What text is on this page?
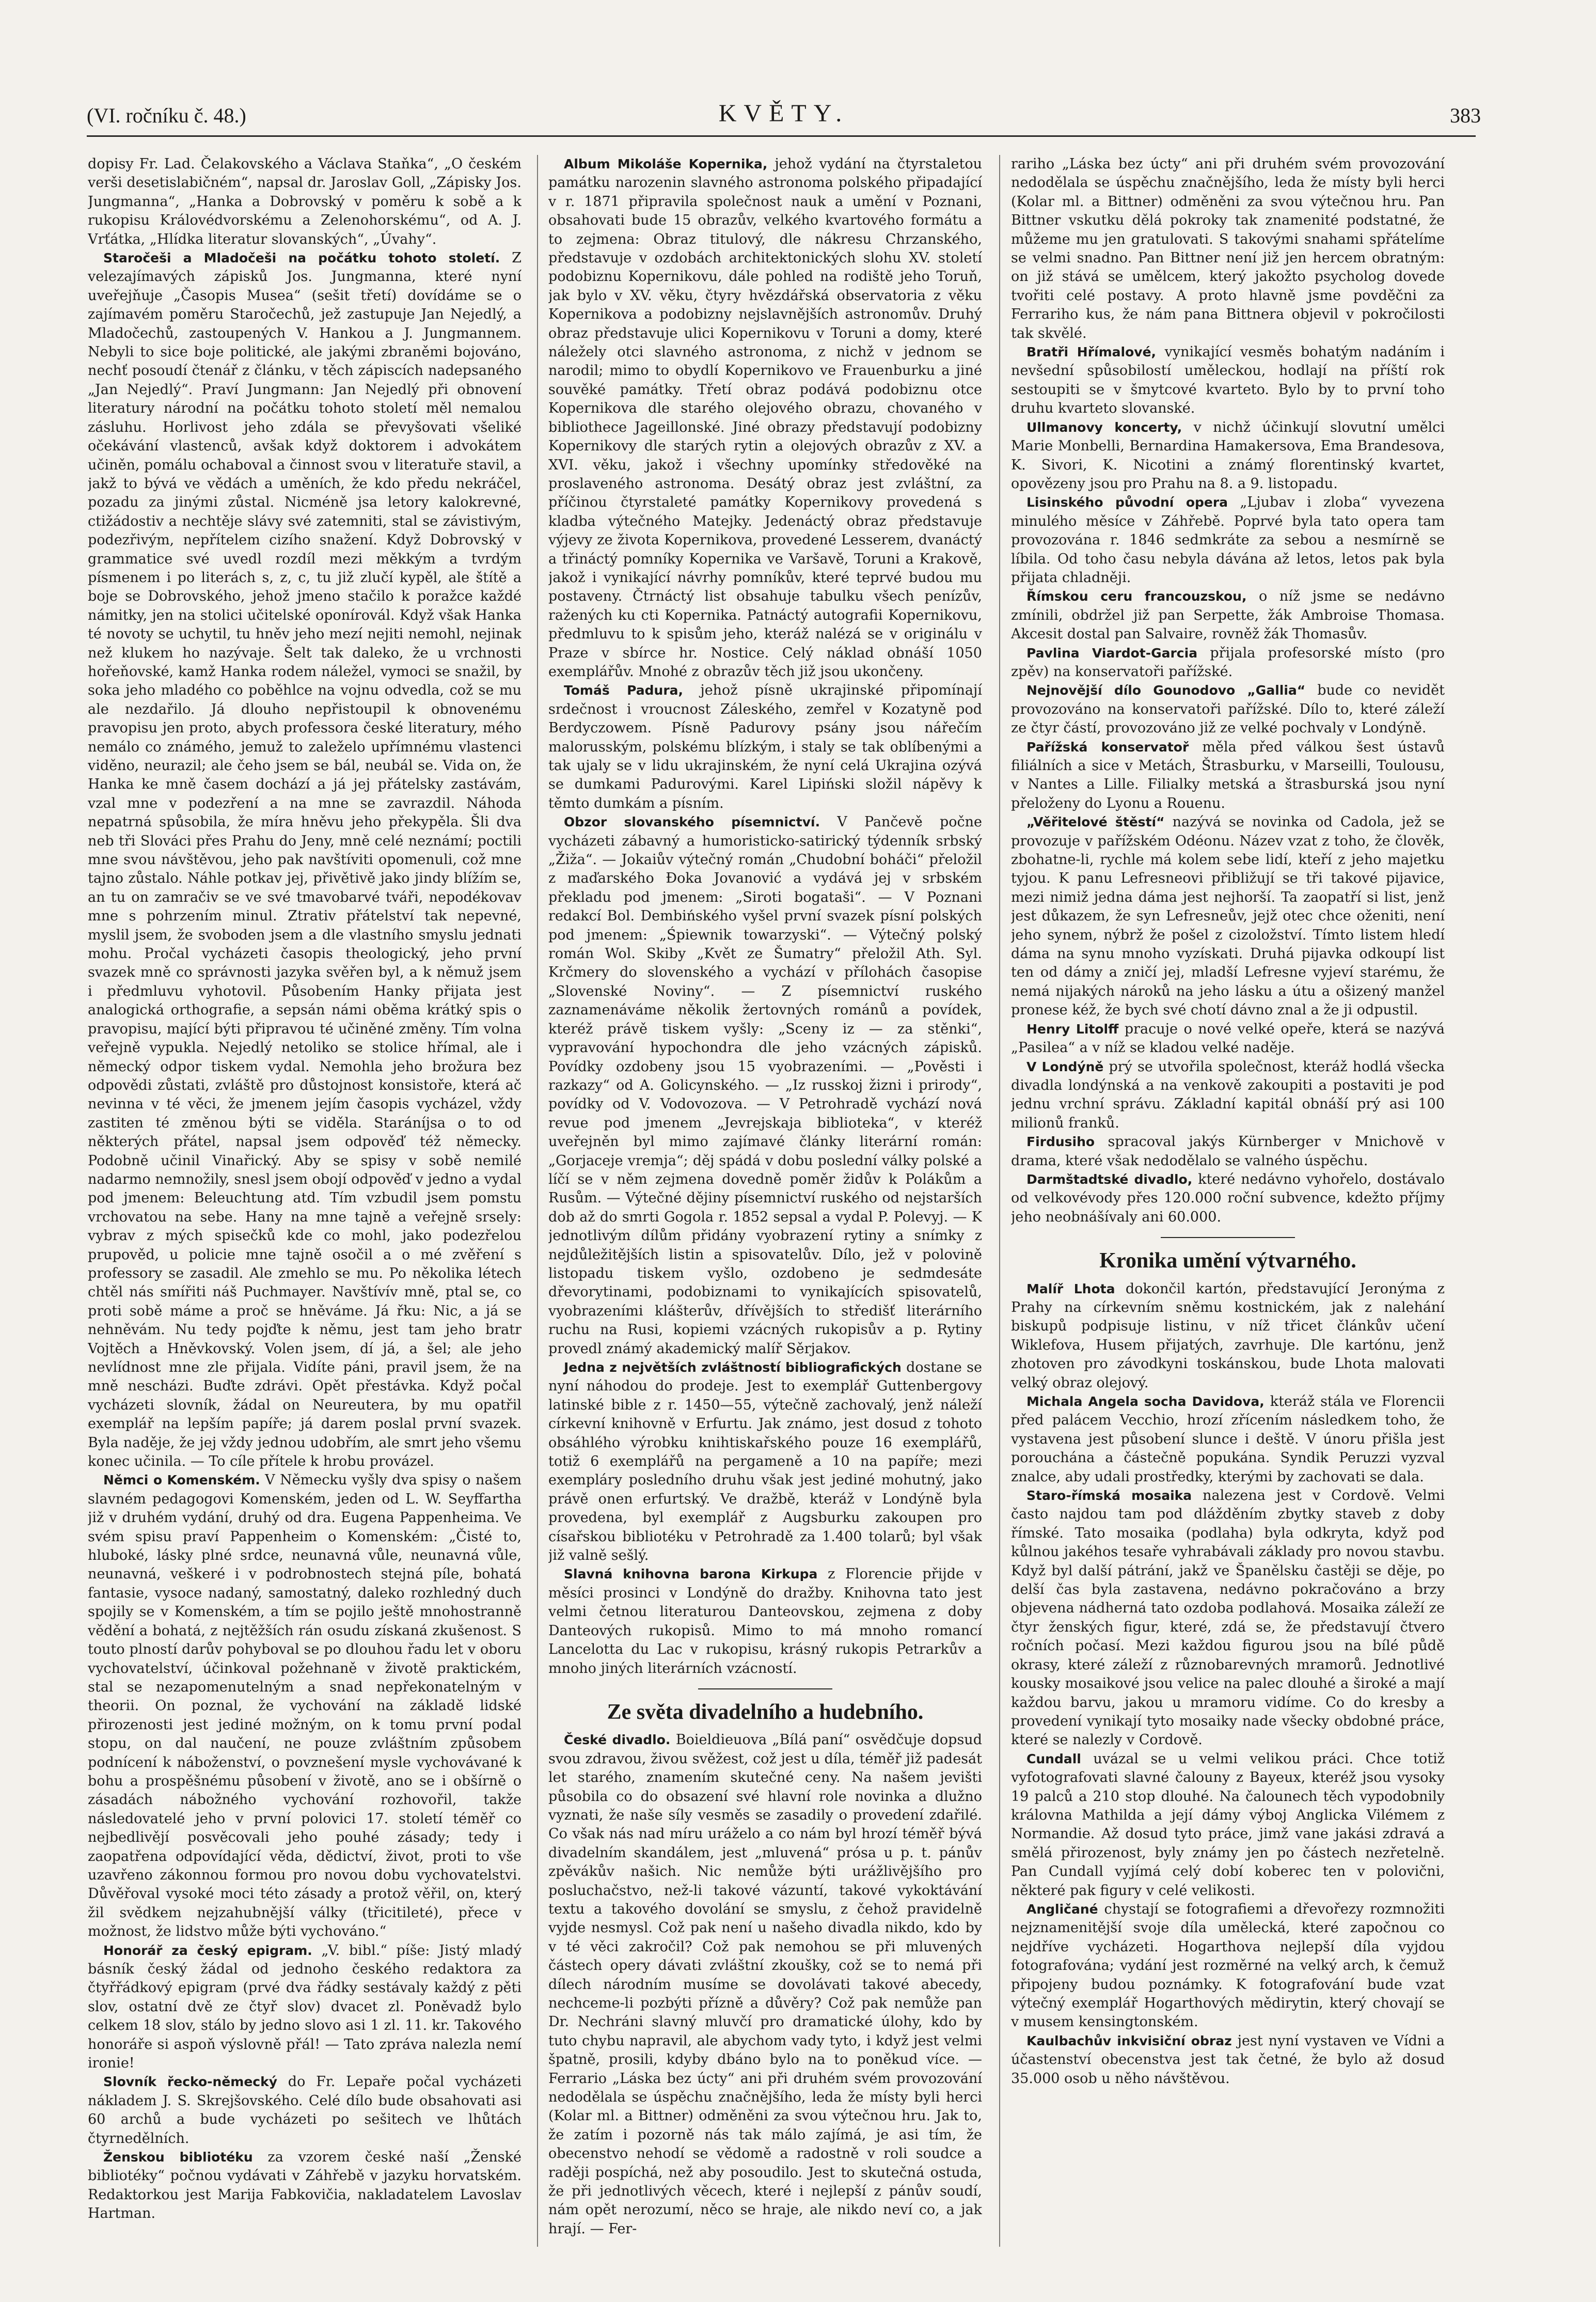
(VI. ročníku č. 48.)	KVĚTY.	383

dopisy Fr. Lad. Čelakovského a Václava Staňka“, „O českém verši desetislabičném“, napsal dr. Jaroslav Goll, „Zápisky Jos. Jungmanna“, „Hanka a Dobrovský v poměru k sobě a k rukopisu Královédvorskému a Zelenohorskému“, od A. J. Vrťátka, „Hlídka literatur slovanských“, „Úvahy“.

Staročeši a Mladočeši na počátku tohoto století. Z velezajímavých zápisků Jos. Jungmanna, které nyní uveřejňuje „Časopis Musea“ (sešit třetí) dovídáme se o zajímavém poměru Staročechů, jež zastupuje Jan Nejedlý, a Mladočechů, zastoupených V. Hankou a J. Jungmannem. Nebyli to sice boje politické, ale jakými zbraněmi bojováno, nechť posoudí čtenář z článku, v těch zápiscích nadepsaného „Jan Nejedlý“. Praví Jungmann: Jan Nejedlý při obnovení literatury národní na počátku tohoto století měl nemalou zásluhu. Horlivost jeho zdála se převyšovati všeliké očekávání vlastenců, avšak když doktorem i advokátem učiněn, pomálu ochaboval a činnost svou v literatuře stavil, a jakž to bývá ve vědách a uměních, že kdo předu nekráčel, pozadu za jinými zůstal. Nicméně jsa letory kalokrevné, ctižádostiv a nechtěje slávy své zatemniti, stal se závistivým, podezřivým, nepřítelem cizího snažení. Když Dobrovský v grammatice své uvedl rozdíl mezi měkkým a tvrdým písmenem i po literách s, z, c, tu již zlučí kypěl, ale štítě a boje se Dobrovského, jehož jmeno stačilo k poražce každé námitky, jen na stolici učitelské oponírovál. Když však Hanka té novoty se uchytil, tu hněv jeho mezí nejiti nemohl, nejinak než klukem ho nazývaje. Šelt tak daleko, že u vrchnosti hořeňovské, kamž Hanka rodem náležel, vymoci se snažil, by soka jeho mladého co poběhlce na vojnu odvedla, což se mu ale nezdařilo. Já dlouho nepřistoupil k obnovenému pravopisu jen proto, abych professora české literatury, mého nemálo co známého, jemuž to zaleželo upřímnému vlastenci viděno, neurazil; ale čeho jsem se bál, neubál se. Vida on, že Hanka ke mně časem dochází a já jej přátelsky zastávám, vzal mne v podezření a na mne se zavrazdil. Náhoda nepatrná spůsobila, že míra hněvu jeho překypěla. Šli dva neb tři Slováci přes Prahu do Jeny, mně celé neznámí; poctili mne svou návštěvou, jeho pak navštíviti opomenuli, což mne tajno zůstalo. Náhle potkav jej, přivětivě jako jindy blížím se, an tu on zamračiv se ve své tmavobarvé tváři, nepodékovav mne s pohrzením minul. Ztrativ přátelství tak nepevné, myslil jsem, že svoboden jsem a dle vlastního smyslu jednati mohu. Pročal vycházeti časopis theologický, jeho první svazek mně co správnosti jazyka svěřen byl, a k němuž jsem i předmluvu vyhotovil. Působením Hanky přijata jest analogická orthografie, a sepsán námi oběma krátký spis o pravopisu, mající býti připravou té učiněné změny. Tím volna veřejně vypukla. Nejedlý netoliko se stolice hřímal, ale i německý odpor tiskem vydal. Nemohla jeho brožura bez odpovědi zůstati, zvláště pro důstojnost konsistoře, která ač nevinna v té věci, že jmenem jejím časopis vycházel, vždy zastiten té změnou býti se viděla. Staráníjsa o to od některých přátel, napsal jsem odpověď též německy. Podobně učinil Vinařický. Aby se spisy v sobě nemilé nadarmo nemnožily, snesl jsem obojí odpověď v jedno a vydal pod jmenem: Beleuchtung atd. Tím vzbudil jsem pomstu vrchovatou na sebe. Hany na mne tajně a veřejně srsely: vybrav z mých spisečků kde co mohl, jako podezřelou prupověd, u policie mne tajně osočil a o mé zvěření s professory se zasadil. Ale zmehlo se mu. Po několika létech chtěl nás smířiti náš Puchmayer. Navštívív mně, ptal se, co proti sobě máme a proč se hněváme. Já řku: Nic, a já se nehněvám. Nu tedy pojďte k němu, jest tam jeho bratr Vojtěch a Hněvkovský. Volen jsem, dí já, a šel; ale jeho nevlídnost mne zle přijala. Vidíte páni, pravil jsem, že na mně nescházi. Buďte zdrávi. Opět přestávka. Když počal vycházeti slovník, žádal on Neureutera, by mu opatřil exemplář na lepším papíře; já darem poslal první svazek. Byla naděje, že jej vždy jednou udobřím, ale smrt jeho všemu konec učinila. — To cíle přítele k hrobu provázel.

Němci o Komenském. V Německu vyšly dva spisy o našem slavném pedagogovi Komenském, jeden od L. W. Seyffartha již v druhém vydání, druhý od dra. Eugena Pappenheima. Ve svém spisu praví Pappenheim o Komenském: „Čisté to, hluboké, lásky plné srdce, neunavná vůle, neunavná vůle, neunavná, veškeré i v podrobnostech stejná píle, bohatá fantasie, vysoce nadaný, samostatný, daleko rozhledný duch spojily se v Komenském, a tím se pojilo ještě mnohostranně vědění a bohatá, z nejtěžších rán osudu získaná zkušenost. S touto plností darův pohyboval se po dlouhou řadu let v oboru vychovatelství, účinkoval požehnaně v životě praktickém, stal se nezapomenutelným a snad nepřekonatelným v theorii. On poznal, že vychování na základě lidské přirozenosti jest jediné možným, on k tomu první podal stopu, on dal naučení, ne pouze zvláštním způsobem podnícení k náboženství, o povznešení mysle vychovávané k bohu a prospěšnému působení v životě, ano se i obšírně o zásadách nábožného vychování rozhovořil, takže následovatelé jeho v první polovici 17. století téměř co nejbedlivějí posvěcovali jeho pouhé zásady; tedy i zaopatřena odpovídající věda, dědictví, život, proti to vše uzavřeno zákonnou formou pro novou dobu vychovatelstvi. Důvěřoval vysoké moci této zásady a protož věřil, on, který žil svědkem nejzahubnější války (třicitileté), přece v možnost, že lidstvo může býti vychováno.“

Honorář za český epigram. „V. bibl.“ píše: Jistý mladý básník český žádal od jednoho českého redaktora za čtyřřádkový epigram (prvé dva řádky sestávaly každý z pěti slov, ostatní dvě ze čtyř slov) dvacet zl. Poněvadž bylo celkem 18 slov, stálo by jedno slovo asi 1 zl. 11. kr. Takového honoráře si aspoň výslovně přál! — Tato zpráva nalezla nemí ironie!

Slovník řecko-německý do Fr. Lepaře počal vycházeti nákladem J. S. Skrejšovského. Celé dílo bude obsahovati asi 60 archů a bude vycházeti po sešitech ve lhůtách čtyrnedělních.

Ženskou bibliotéku za vzorem české naší „Ženské bibliotéky“ počnou vydávati v Záhřebě v jazyku horvatském. Redaktorkou jest Marija Fabkovičia, nakladatelem Lavoslav Hartman.

Album Mikoláše Kopernika, jehož vydání na čtyrstaletou památku narozenin slavného astronoma polského připadající v r. 1871 připravila společnost nauk a umění v Poznani, obsahovati bude 15 obrazův, velkého kvartového formátu a to zejmena: Obraz titulový, dle nákresu Chrzanského, představuje v ozdobách architektonických slohu XV. století podobiznu Kopernikovu, dále pohled na rodiště jeho Toruň, jak bylo v XV. věku, čtyry hvězdářská observatoria z věku Kopernikova a podobizny nejslavnějších astronomův. Druhý obraz představuje ulici Kopernikovu v Toruni a domy, které náležely otci slavného astronoma, z nichž v jednom se narodil; mimo to obydlí Kopernikovo ve Frauenburku a jiné souvěké památky. Třetí obraz podává podobiznu otce Kopernikova dle starého olejového obrazu, chovaného v bibliothece Jageillonské. Jiné obrazy představují podobizny Kopernikovy dle starých rytin a olejových obrazův z XV. a XVI. věku, jakož i všechny upomínky středověké na proslaveného astronoma. Desátý obraz jest zvláštní, za příčinou čtyrstaleté památky Kopernikovy provedená s kladba výtečného Matejky. Jedenáctý obraz představuje výjevy ze života Kopernikova, provedené Lesserem, dvanáctý a třináctý pomníky Kopernika ve Varšavě, Toruni a Krakově, jakož i vynikající návrhy pomníkův, které teprvé budou mu postaveny. Čtrnáctý list obsahuje tabulku všech penízův, ražených ku cti Kopernika. Patnáctý autografii Kopernikovu, předmluvu to k spisům jeho, kteráž nalézá se v originálu v Praze v sbírce hr. Nostice. Celý náklad obnáší 1050 exemplářův. Mnohé z obrazův těch již jsou ukončeny.

Tomáš Padura, jehož písně ukrajinské připomínají srdečnost i vroucnost Záleského, zemřel v Kozatyně pod Berdyczowem. Písně Padurovy psány jsou nářečím malorusským, polskému blízkým, i staly se tak oblíbenými a tak ujaly se v lidu ukrajinském, že nyní celá Ukrajina ozývá se dumkami Padurovými. Karel Lipiński složil nápěvy k těmto dumkám a písním.

Obzor slovanského písemnictví. V Pančevě počne vycházeti zábavný a humoristicko-satirický týdenník srbský „Žiža“. — Jokaiův výtečný román „Chudobní boháči“ přeložil z maďarského Đoka Jovanović a vydává jej v srbském překladu pod jmenem: „Siroti bogataši“. — V Poznani redakcí Bol. Dembińského vyšel první svazek písní polských pod jmenem: „Śpiewnik towarzyski“. — Výtečný polský román Wol. Skiby „Květ ze Šumatry“ přeložil Ath. Syl. Krčmery do slovenského a vychází v přílohách časopise „Slovenské Noviny“. — Z písemnictví ruského zaznamenáváme několik žertovných románů a povídek, kteréž právě tiskem vyšly: „Sceny iz — za stěnki“, vypravování hypochondra dle jeho vzácných zápisků. Povídky ozdobeny jsou 15 vyobrazeními. — „Pověsti i razkazy“ od A. Golicynského. — „Iz russkoj žizni i prirody“, povídky od V. Vodovozova. — V Petrohradě vychází nová revue pod jmenem „Jevrejskaja biblioteka“, v kteréž uveřejněn byl mimo zajímavé články literární román: „Gorjaceje vremja“; děj spádá v dobu poslední války polské a líčí se v něm zejmena dovedně poměr židův k Polákům a Rusům. — Výtečné dějiny písemnictví ruského od nejstarších dob až do smrti Gogola r. 1852 sepsal a vydal P. Polevyj. — K jednotlivým dílům přidány vyobrazení rytiny a snímky z nejdůležitějších listin a spisovatelův. Dílo, jež v polovině listopadu tiskem vyšlo, ozdobeno je sedmdesáte dřevorytinami, podobiznami to vynikajících spisovatelů, vyobrazeními klášterův, dřívějších to středišť literárního ruchu na Rusi, kopiemi vzácných rukopisův a p. Rytiny provedl známý akademický malíř Sěrjakov.

Jedna z největších zvláštností bibliografických dostane se nyní náhodou do prodeje. Jest to exemplář Guttenbergovy latinské bible z r. 1450—55, výtečně zachovalý, jenž náleží církevní knihovně v Erfurtu. Jak známo, jest dosud z tohoto obsáhlého výrobku knihtiskařského pouze 16 exemplářů, totiž 6 exemplářů na pergameně a 10 na papíře; mezi exempláry posledního druhu však jest jediné mohutný, jako právě onen erfurtský. Ve dražbě, kteráž v Londýně byla provedena, byl exemplář z Augsburku zakoupen pro císařskou bibliotéku v Petrohradě za 1.400 tolarů; byl však již valně sešlý.

Slavná knihovna barona Kirkupa z Florencie přijde v měsíci prosinci v Londýně do dražby. Knihovna tato jest velmi četnou literaturou Danteovskou, zejmena z doby Danteových rukopisů. Mimo to má mnoho romancí Lancelotta du Lac v rukopisu, krásný rukopis Petrarkův a mnoho jiných literárních vzácností.

Ze světa divadelního a hudebního.

České divadlo. Boieldieuova „Bílá paní“ osvědčuje dopsud svou zdravou, živou svěžest, což jest u díla, téměř již padesát let starého, znamením skutečné ceny. Na našem jevišti působila co do obsazení své hlavní role novinka a dlužno vyznati, že naše síly vesměs se zasadily o provedení zdařilé. Co však nás nad míru uráželo a co nám byl hrozí téměř bývá divadelním skandálem, jest „mluvená“ prósa u p. t. pánův zpěvákův našich. Nic nemůže býti urážlivějšího pro posluchačstvo, než-li takové vázuntí, takové vykoktávání textu a takového dovolání se smyslu, z čehož pravidelně vyjde nesmysl. Což pak není u našeho divadla nikdo, kdo by v té věci zakročil? Což pak nemohou se při mluvených částech opery dávati zvláštní zkoušky, což se to nemá při dílech národním musíme se dovolávati takové abecedy, nechceme-li pozbýti přízně a důvěry? Což pak nemůže pan Dr. Nechráni slavný mluvčí pro dramatické úlohy, kdo by tuto chybu napravil, ale abychom vady tyto, i když jest velmi špatně, prosili, kdyby dbáno bylo na to poněkud více. — Ferrario „Láska bez úcty“ ani při druhém svém provozování nedodělala se úspěchu značnějšího, leda že místy byli herci (Kolar ml. a Bittner) odměněni za svou výtečnou hru. Jak to, že zatím i pozorně nás tak málo zajímá, je asi tím, že obecenstvo nehodí se vědomě a radostně v roli soudce a raději pospíchá, než aby posoudilo. Jest to skutečná ostuda, že při jednotlivých věcech, které i nejlepší z pánův soudí, nám opět nerozumí, něco se hraje, ale nikdo neví co, a jak hrají. — Fer-

rariho „Láska bez úcty“ ani při druhém svém provozování nedodělala se úspěchu značnějšího, leda že místy byli herci (Kolar ml. a Bittner) odměněni za svou výtečnou hru. Pan Bittner vskutku dělá pokroky tak znamenité podstatné, že můžeme mu jen gratulovati. S takovými snahami spřátelíme se velmi snadno. Pan Bittner není již jen hercem obratným: on již stává se umělcem, který jakožto psycholog dovede tvořiti celé postavy. A proto hlavně jsme povděčni za Ferrariho kus, že nám pana Bittnera objevil v pokročilosti tak skvělé.

Bratři Hřímalové, vynikající vesměs bohatým nadáním i nevšední spůsobilostí uměleckou, hodlají na příští rok sestoupiti se v šmytcové kvarteto. Bylo by to první toho druhu kvarteto slovanské.

Ullmanovy koncerty, v nichž účinkují slovutní umělci Marie Monbelli, Bernardina Hamakersova, Ema Brandesova, K. Sivori, K. Nicotini a známý florentinský kvartet, opovězeny jsou pro Prahu na 8. a 9. listopadu.

Lisinského původní opera „Ljubav i zloba“ vyvezena minulého měsíce v Záhřebě. Poprvé byla tato opera tam provozována r. 1846 sedmkráte za sebou a nesmírně se líbila. Od toho času nebyla dávána až letos, letos pak byla přijata chladněji.

Římskou ceru francouzskou, o níž jsme se nedávno zmínili, obdržel již pan Serpette, žák Ambroise Thomasa. Akcesit dostal pan Salvaire, rovněž žák Thomasův.

Pavlina Viardot-Garcia přijala profesorské místo (pro zpěv) na konservatoři pařížské.

Nejnovější dílo Gounodovo „Gallia“ bude co nevidět provozováno na konservatoři pařížské. Dílo to, které záleží ze čtyr částí, provozováno již ze velké pochvaly v Londýně.

Pařížská konservatoř měla před válkou šest ústavů filiálních a sice v Metách, Štrasburku, v Marseilli, Toulousu, v Nantes a Lille. Filialky metská a štrasburská jsou nyní přeloženy do Lyonu a Rouenu.

„Věřitelové štěstí“ nazývá se novinka od Cadola, jež se provozuje v pařížském Odéonu. Název vzat z toho, že člověk, zbohatne-li, rychle má kolem sebe lidí, kteří z jeho majetku tyjou. K panu Lefresneovi přibližují se tři takové pijavice, mezi nimiž jedna dáma jest nejhorší. Ta zaopatří si list, jenž jest důkazem, že syn Lefresneův, jejž otec chce oženiti, není jeho synem, nýbrž že pošel z cizoložství. Tímto listem hledí dáma na synu mnoho vyzískati. Druhá pijavka odkoupí list ten od dámy a zničí jej, mladší Lefresne vyjeví starému, že nemá nijakých nároků na jeho lásku a útu a ošizený manžel pronese kéž, že bych své chotí dávno znal a že ji odpustil.

Henry Litolff pracuje o nové velké opeře, která se nazývá „Pasilea“ a v níž se kladou velké naděje.

V Londýně prý se utvořila společnost, kteráž hodlá všecka divadla londýnská a na venkově zakoupiti a postaviti je pod jednu vrchní správu. Základní kapitál obnáší prý asi 100 milionů franků.

Firdusiho spracoval jakýs Kürnberger v Mnichově v drama, které však nedodělalo se valného úspěchu.

Darmštadtské divadlo, které nedávno vyhořelo, dostávalo od velkovévody přes 120.000 roční subvence, kdežto příjmy jeho neobnášívaly ani 60.000.

Kronika umění výtvarného.

Malíř Lhota dokončil kartón, představující Jeronýma z Prahy na církevním sněmu kostnickém, jak z nalehání biskupů podpisuje listinu, v níž třicet článkův učení Wiklefova, Husem přijatých, zavrhuje. Dle kartónu, jenž zhotoven pro závodkyni toskánskou, bude Lhota malovati velký obraz olejový.

Michala Angela socha Davidova, kteráž stála ve Florencii před palácem Vecchio, hrozí zřícením následkem toho, že vystavena jest působení slunce i deště. V únoru přišla jest porouchána a částečně popukána. Syndik Peruzzi vyzval znalce, aby udali prostředky, kterými by zachovati se dala.

Staro-římská mosaika nalezena jest v Cordově. Velmi často najdou tam pod dlážděním zbytky staveb z doby římské. Tato mosaika (podlaha) byla odkryta, když pod kůlnou jakéhos tesaře vyhrabávali základy pro novou stavbu. Když byl další pátrání, jakž ve Španělsku častěji se děje, po delší čas byla zastavena, nedávno pokračováno a brzy objevena nádherná tato ozdoba podlahová. Mosaika záleží ze čtyr ženských figur, které, zdá se, že představují čtvero ročních počasí. Mezi každou figurou jsou na bílé půdě okrasy, které záleží z různobarevných mramorů. Jednotlivé kousky mosaikové jsou velice na palec dlouhé a široké a mají každou barvu, jakou u mramoru vidíme. Co do kresby a provedení vynikají tyto mosaiky nade všecky obdobné práce, které se nalezly v Cordově.

Cundall uvázal se u velmi velikou práci. Chce totiž vyfotografovati slavné čalouny z Bayeux, kteréž jsou vysoky 19 palců a 210 stop dlouhé. Na čalounech těch vypodobnily královna Mathilda a její dámy výboj Anglicka Vilémem z Normandie. Až dosud tyto práce, jimž vane jakási zdravá a smělá přirozenost, byly známy jen po částech nezřetelně. Pan Cundall vyjímá celý dobí koberec ten v polovični, některé pak figury v celé velikosti.

Angličané chystají se fotografiemi a dřevořezy rozmnožiti nejznamenitější svoje díla umělecká, které započnou co nejdříve vycházeti. Hogarthova nejlepší díla vyjdou fotografována; vydání jest rozměrné na velký arch, k čemuž připojeny budou poznámky. K fotografování bude vzat výtečný exemplář Hogarthových mědirytin, který chovají se v musem kensingtonském.

Kaulbachův inkvisiční obraz jest nyní vystaven ve Vídni a účastenství obecenstva jest tak četné, že bylo až dosud 35.000 osob u něho návštěvou.
